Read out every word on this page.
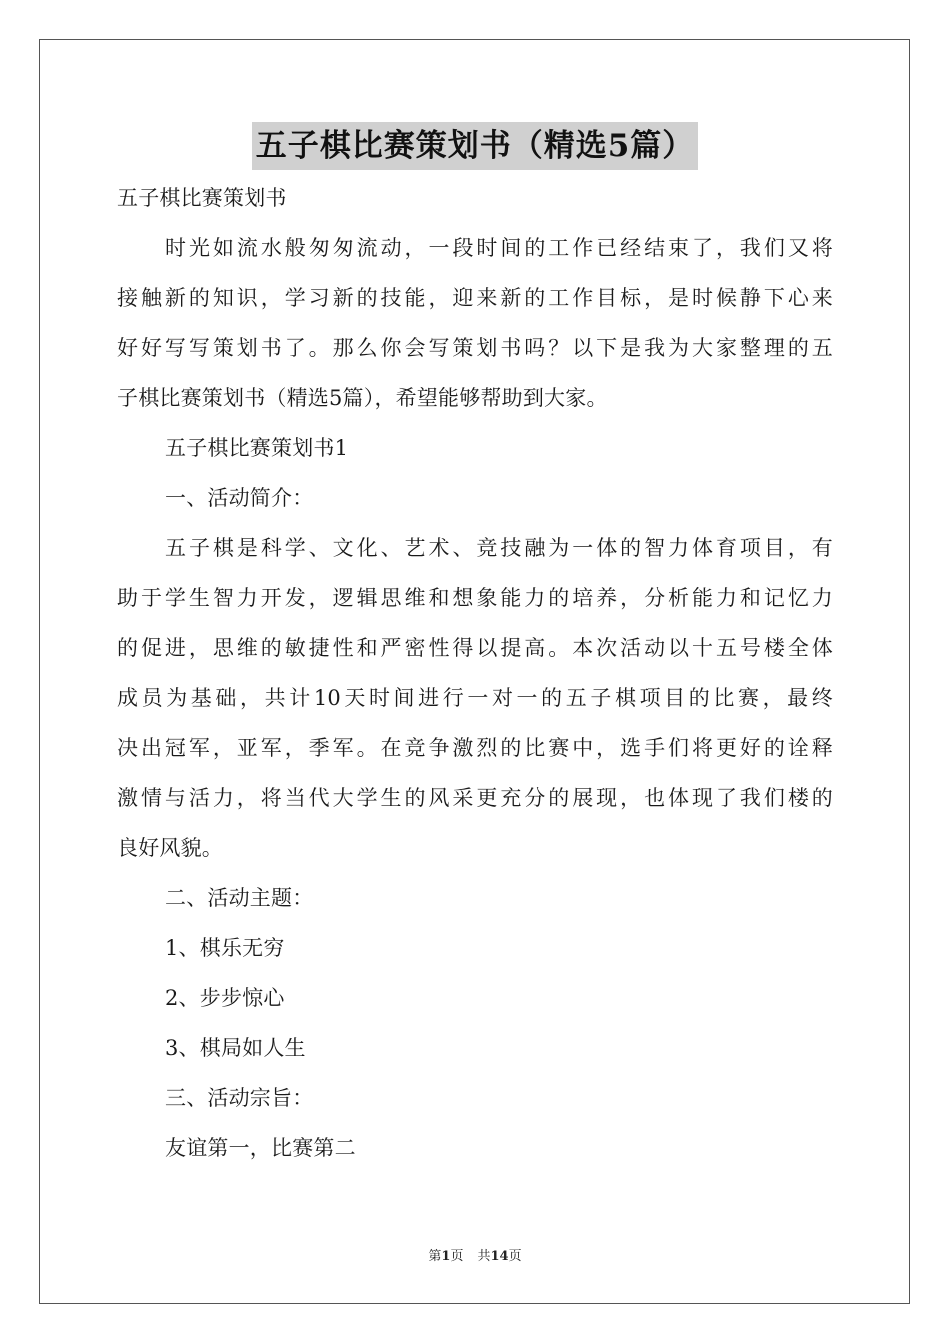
五子棋比赛策划书（精选5篇）
五子棋比赛策划书
时光如流水般匆匆流动，一段时间的工作已经结束了，我们又将
接触新的知识，学习新的技能，迎来新的工作目标，是时候静下心来
好好写写策划书了。那么你会写策划书吗？以下是我为大家整理的五
子棋比赛策划书（精选5篇），希望能够帮助到大家。
五子棋比赛策划书1
一、活动简介：
五子棋是科学、文化、艺术、竞技融为一体的智力体育项目，有
助于学生智力开发，逻辑思维和想象能力的培养，分析能力和记忆力
的促进，思维的敏捷性和严密性得以提高。本次活动以十五号楼全体
成员为基础，共计10天时间进行一对一的五子棋项目的比赛，最终
决出冠军，亚军，季军。在竞争激烈的比赛中，选手们将更好的诠释
激情与活力，将当代大学生的风采更充分的展现，也体现了我们楼的
良好风貌。
二、活动主题：
1、棋乐无穷
2、步步惊心
3、棋局如人生
三、活动宗旨：
友谊第一，比赛第二
第1页 共14页
